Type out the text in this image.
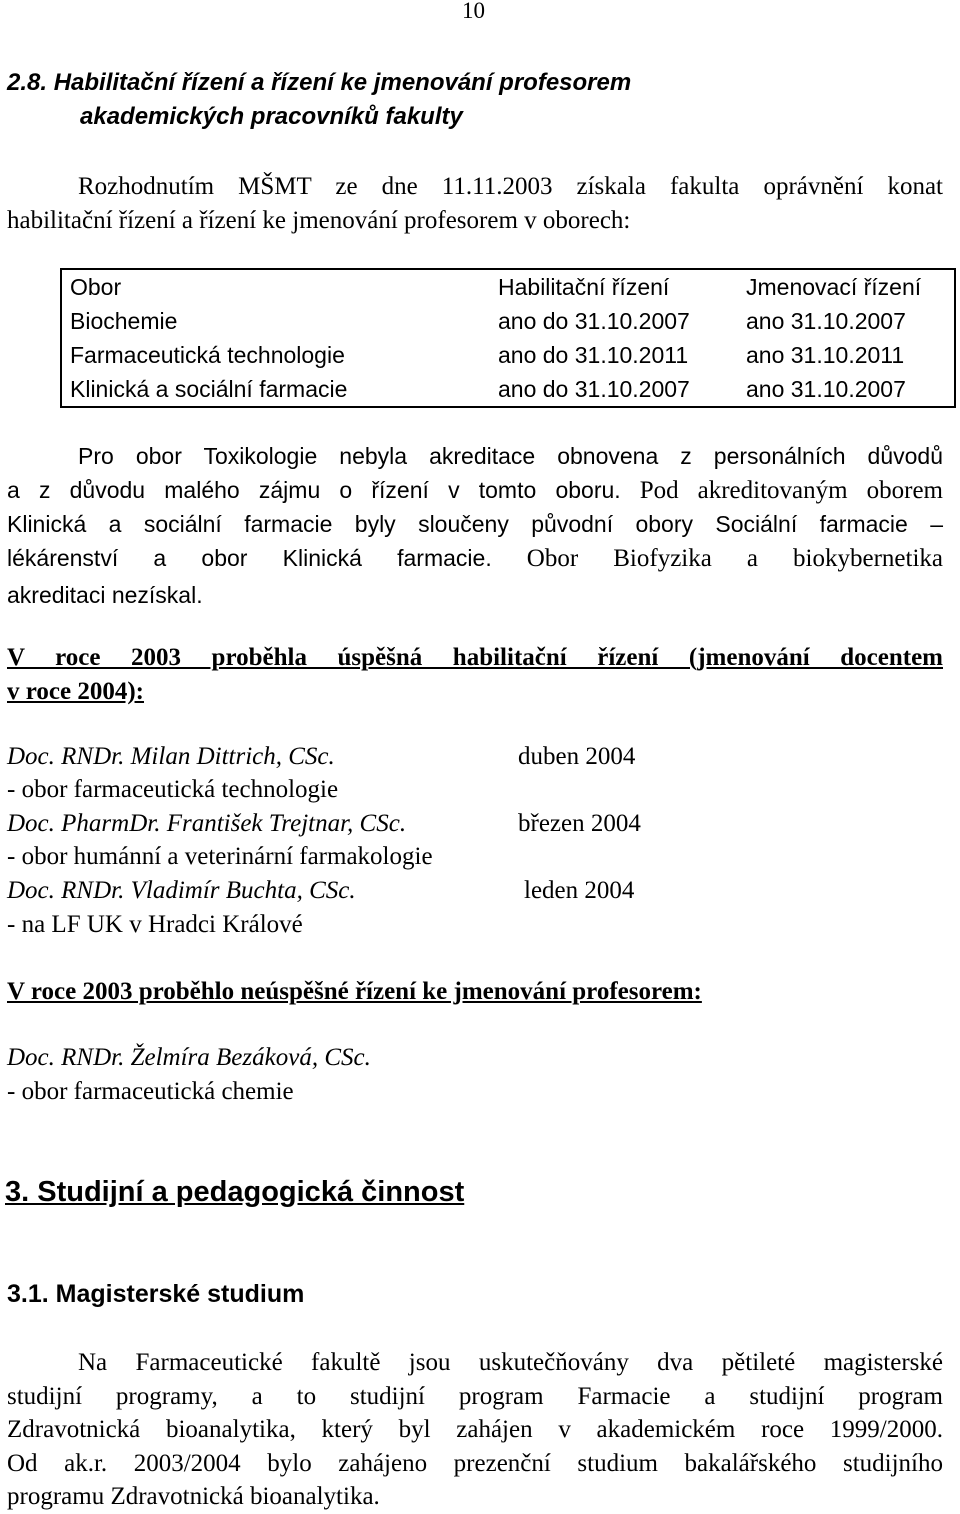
10
2.8. Habilitační řízení a řízení ke jmenování profesorem
akademických pracovníků fakulty
Rozhodnutím MŠMT ze dne 11.11.2003 získala fakulta oprávnění konat
habilitační řízení a řízení ke jmenování profesorem v oborech:
Obor	Habilitační řízení	Jmenovací řízení
Biochemie	ano do 31.10.2007	ano 31.10.2007
Farmaceutická technologie	ano do 31.10.2011	ano 31.10.2011
Klinická a sociální farmacie	ano do 31.10.2007	ano 31.10.2007
Pro obor Toxikologie nebyla akreditace obnovena z personálních důvodů
a z důvodu malého zájmu o řízení v tomto oboru. Pod akreditovaným oborem
Klinická a sociální farmacie byly sloučeny původní obory Sociální farmacie –
lékárenství a obor Klinická farmacie. Obor Biofyzika a biokybernetika
akreditaci nezískal.
V roce 2003 proběhla úspěšná habilitační řízení (jmenování docentem
v roce 2004):
Doc. RNDr. Milan Dittrich, CSc.	duben 2004
- obor farmaceutická technologie
Doc. PharmDr. František Trejtnar, CSc.	březen 2004
- obor humánní a veterinární farmakologie
Doc. RNDr. Vladimír Buchta, CSc.	leden 2004
- na LF UK v Hradci Králové
V roce 2003 proběhlo neúspěšné řízení ke jmenování profesorem:
Doc. RNDr. Želmíra Bezáková, CSc.
- obor farmaceutická chemie
3. Studijní a pedagogická činnost
3.1. Magisterské studium
Na Farmaceutické fakultě jsou uskutečňovány dva pětileté magisterské
studijní programy, a to studijní program Farmacie a studijní program
Zdravotnická bioanalytika, který byl zahájen v akademickém roce 1999/2000.
Od ak.r. 2003/2004 bylo zahájeno prezenční studium bakalářského studijního
programu Zdravotnická bioanalytika.
